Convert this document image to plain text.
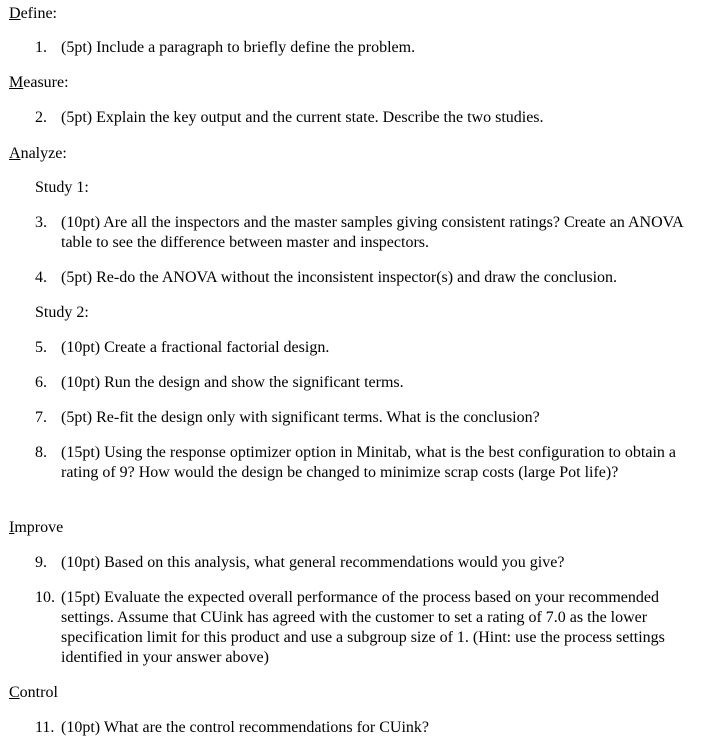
Define:
1. (5pt) Include a paragraph to briefly define the problem.
Measure:
2. (5pt) Explain the key output and the current state. Describe the two studies.
Analyze:
Study 1:
3. (10pt) Are all the inspectors and the master samples giving consistent ratings? Create an ANOVA table to see the difference between master and inspectors.
4. (5pt) Re-do the ANOVA without the inconsistent inspector(s) and draw the conclusion.
Study 2:
5. (10pt) Create a fractional factorial design.
6. (10pt) Run the design and show the significant terms.
7. (5pt) Re-fit the design only with significant terms. What is the conclusion?
8. (15pt) Using the response optimizer option in Minitab, what is the best configuration to obtain a rating of 9? How would the design be changed to minimize scrap costs (large Pot life)?
Improve
9. (10pt) Based on this analysis, what general recommendations would you give?
10. (15pt) Evaluate the expected overall performance of the process based on your recommended settings. Assume that CUink has agreed with the customer to set a rating of 7.0 as the lower specification limit for this product and use a subgroup size of 1. (Hint: use the process settings identified in your answer above)
Control
11. (10pt) What are the control recommendations for CUink?
